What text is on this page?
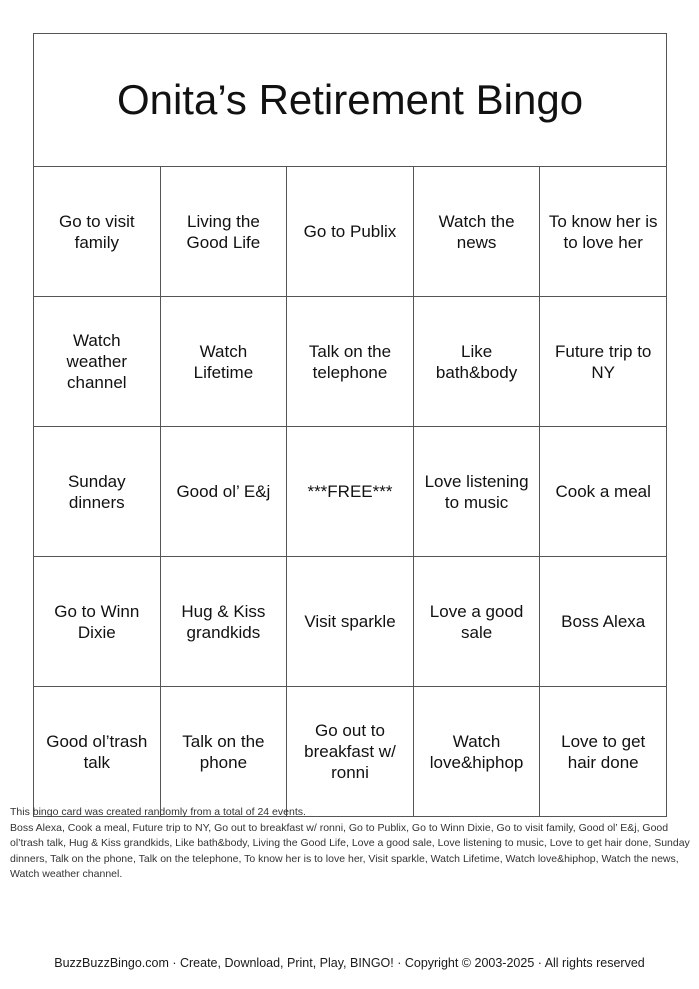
Onita’s Retirement Bingo				
Go to visit family	Living the Good Life	Go to Publix	Watch the news	To know her is to love her
Watch weather channel	Watch Lifetime	Talk on the telephone	Like bath&body	Future trip to NY
Sunday dinners	Good ol’ E&j	***FREE***	Love listening to music	Cook a meal
Go to Winn Dixie	Hug & Kiss grandkids	Visit sparkle	Love a good sale	Boss Alexa
Good ol’trash talk	Talk on the phone	Go out to breakfast w/ ronni	Watch love&hiphop	Love to get hair done
This bingo card was created randomly from a total of 24 events.
Boss Alexa, Cook a meal, Future trip to NY, Go out to breakfast w/ ronni, Go to Publix, Go to Winn Dixie, Go to visit family, Good ol’ E&j, Good ol’trash talk, Hug & Kiss grandkids, Like bath&body, Living the Good Life, Love a good sale, Love listening to music, Love to get hair done, Sunday dinners, Talk on the phone, Talk on the telephone, To know her is to love her, Visit sparkle, Watch Lifetime, Watch love&hiphop, Watch the news, Watch weather channel.
BuzzBuzzBingo.com · Create, Download, Print, Play, BINGO! · Copyright © 2003-2025 · All rights reserved
